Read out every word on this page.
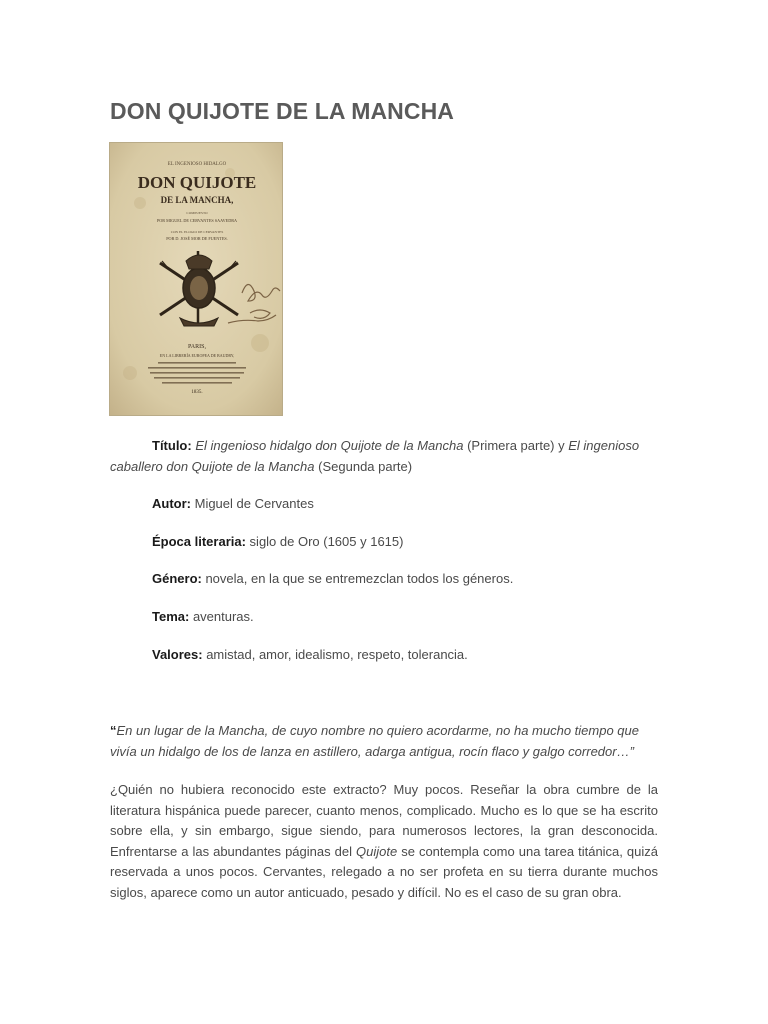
DON QUIJOTE DE LA MANCHA
EL INGENIOSO HIDALGO
DON QUIJOTE
DE LA MANCHA,
COMPUESTO
POR MIGUEL DE CERVANTES SAAVEDRA
CON EL ELOGIO DE CERVANTES
POR D. JOSÉ MOR DE FUENTES.
PARIS,
EN LA LIBRERÍA EUROPEA DE BAUDRY,
1835.

Título: El ingenioso hidalgo don Quijote de la Mancha (Primera parte) y El ingenioso caballero don Quijote de la Mancha (Segunda parte)

Autor: Miguel de Cervantes

Época literaria: siglo de Oro (1605 y 1615)

Género: novela, en la que se entremezclan todos los géneros.

Tema: aventuras.

Valores: amistad, amor, idealismo, respeto, tolerancia.

“En un lugar de la Mancha, de cuyo nombre no quiero acordarme, no ha mucho tiempo que vivía un hidalgo de los de lanza en astillero, adarga antigua, rocín flaco y galgo corredor…”

¿Quién no hubiera reconocido este extracto? Muy pocos. Reseñar la obra cumbre de la literatura hispánica puede parecer, cuanto menos, complicado. Mucho es lo que se ha escrito sobre ella, y sin embargo, sigue siendo, para numerosos lectores, la gran desconocida. Enfrentarse a las abundantes páginas del Quijote se contempla como una tarea titánica, quizá reservada a unos pocos. Cervantes, relegado a no ser profeta en su tierra durante muchos siglos, aparece como un autor anticuado, pesado y difícil. No es el caso de su gran obra.
